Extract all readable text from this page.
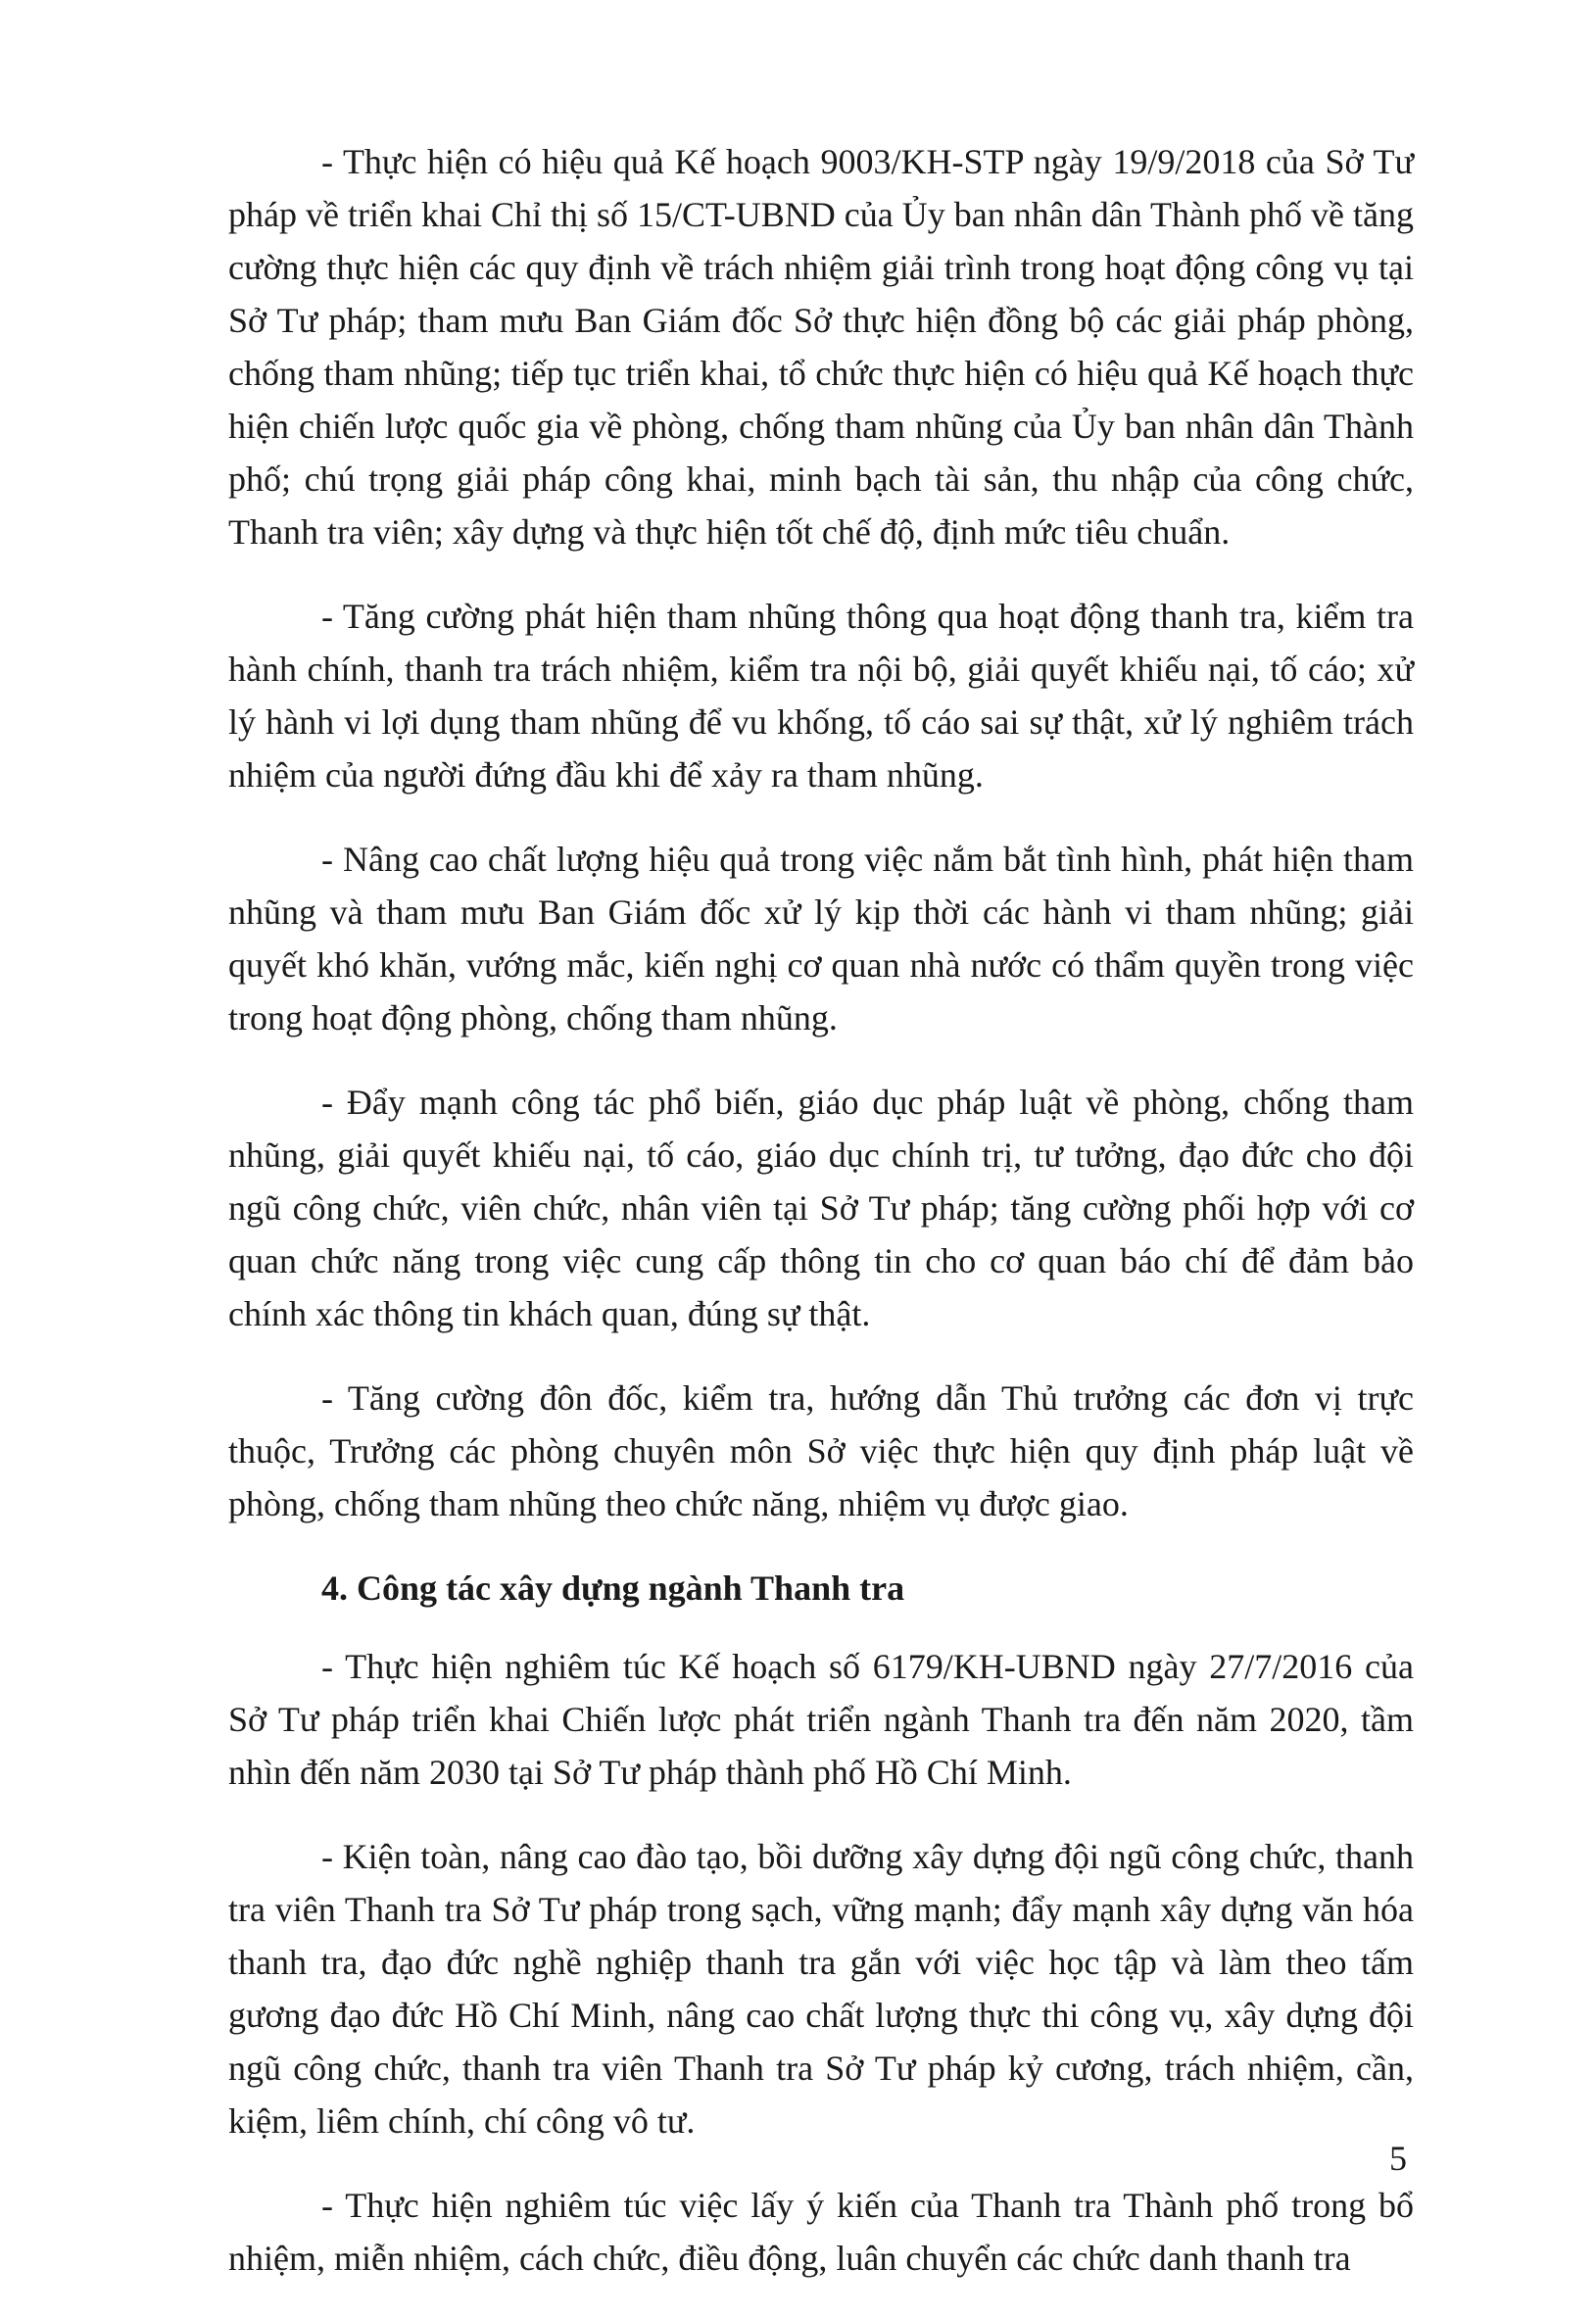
- Thực hiện có hiệu quả Kế hoạch 9003/KH-STP ngày 19/9/2018 của Sở Tư pháp về triển khai Chỉ thị số 15/CT-UBND của Ủy ban nhân dân Thành phố về tăng cường thực hiện các quy định về trách nhiệm giải trình trong hoạt động công vụ tại Sở Tư pháp; tham mưu Ban Giám đốc Sở thực hiện đồng bộ các giải pháp phòng, chống tham nhũng; tiếp tục triển khai, tổ chức thực hiện có hiệu quả Kế hoạch thực hiện chiến lược quốc gia về phòng, chống tham nhũng của Ủy ban nhân dân Thành phố; chú trọng giải pháp công khai, minh bạch tài sản, thu nhập của công chức, Thanh tra viên; xây dựng và thực hiện tốt chế độ, định mức tiêu chuẩn.

- Tăng cường phát hiện tham nhũng thông qua hoạt động thanh tra, kiểm tra hành chính, thanh tra trách nhiệm, kiểm tra nội bộ, giải quyết khiếu nại, tố cáo; xử lý hành vi lợi dụng tham nhũng để vu khống, tố cáo sai sự thật, xử lý nghiêm trách nhiệm của người đứng đầu khi để xảy ra tham nhũng.

- Nâng cao chất lượng hiệu quả trong việc nắm bắt tình hình, phát hiện tham nhũng và tham mưu Ban Giám đốc xử lý kịp thời các hành vi tham nhũng; giải quyết khó khăn, vướng mắc, kiến nghị cơ quan nhà nước có thẩm quyền trong việc trong hoạt động phòng, chống tham nhũng.

- Đẩy mạnh công tác phổ biến, giáo dục pháp luật về phòng, chống tham nhũng, giải quyết khiếu nại, tố cáo, giáo dục chính trị, tư tưởng, đạo đức cho đội ngũ công chức, viên chức, nhân viên tại Sở Tư pháp; tăng cường phối hợp với cơ quan chức năng trong việc cung cấp thông tin cho cơ quan báo chí để đảm bảo chính xác thông tin khách quan, đúng sự thật.

- Tăng cường đôn đốc, kiểm tra, hướng dẫn Thủ trưởng các đơn vị trực thuộc, Trưởng các phòng chuyên môn Sở việc thực hiện quy định pháp luật về phòng, chống tham nhũng theo chức năng, nhiệm vụ được giao.

4. Công tác xây dựng ngành Thanh tra

- Thực hiện nghiêm túc Kế hoạch số 6179/KH-UBND ngày 27/7/2016 của Sở Tư pháp triển khai Chiến lược phát triển ngành Thanh tra đến năm 2020, tầm nhìn đến năm 2030 tại Sở Tư pháp thành phố Hồ Chí Minh.

- Kiện toàn, nâng cao đào tạo, bồi dưỡng xây dựng đội ngũ công chức, thanh tra viên Thanh tra Sở Tư pháp trong sạch, vững mạnh; đẩy mạnh xây dựng văn hóa thanh tra, đạo đức nghề nghiệp thanh tra gắn với việc học tập và làm theo tấm gương đạo đức Hồ Chí Minh, nâng cao chất lượng thực thi công vụ, xây dựng đội ngũ công chức, thanh tra viên Thanh tra Sở Tư pháp kỷ cương, trách nhiệm, cần, kiệm, liêm chính, chí công vô tư.

- Thực hiện nghiêm túc việc lấy ý kiến của Thanh tra Thành phố trong bổ nhiệm, miễn nhiệm, cách chức, điều động, luân chuyển các chức danh thanh tra

5
